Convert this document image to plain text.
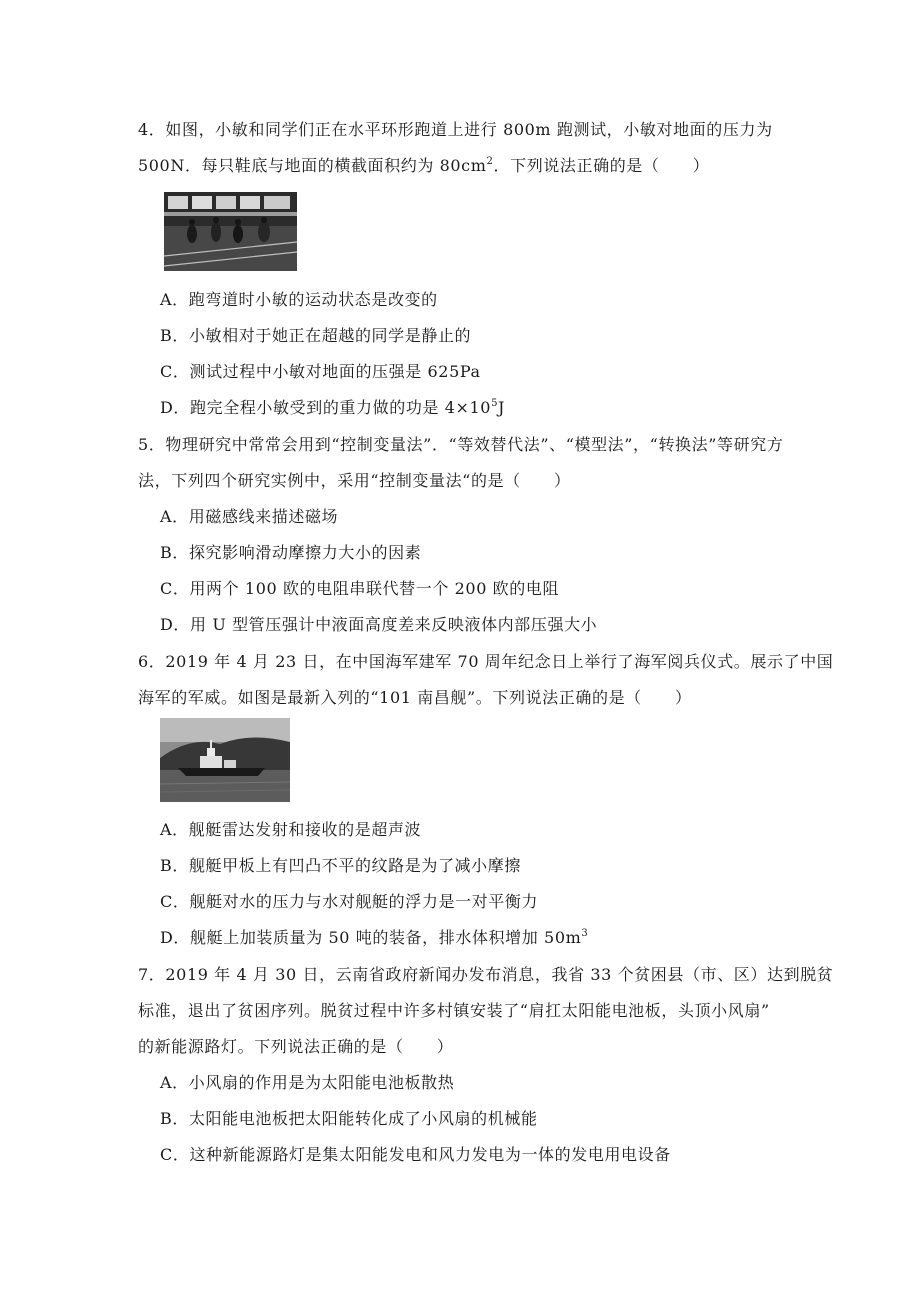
4．如图，小敏和同学们正在水平环形跑道上进行 800m 跑测试，小敏对地面的压力为
500N．每只鞋底与地面的横截面积约为 $80cm^2$．下列说法正确的是（　　）
A．跑弯道时小敏的运动状态是改变的
B．小敏相对于她正在超越的同学是静止的
C．测试过程中小敏对地面的压强是 625Pa
D．跑完全程小敏受到的重力做的功是 $4\times 10^5J$
5．物理研究中常常会用到“控制变量法”．“等效替代法”、“模型法”，“转换法”等研究方
法，下列四个研究实例中，采用“控制变量法“的是（　　）
A．用磁感线来描述磁场
B．探究影响滑动摩擦力大小的因素
C．用两个 100 欧的电阻串联代替一个 200 欧的电阻
D．用 U 型管压强计中液面高度差来反映液体内部压强大小
6．2019 年 4 月 23 日，在中国海军建军 70 周年纪念日上举行了海军阅兵仪式。展示了中国
海军的军威。如图是最新入列的“101 南昌舰”。下列说法正确的是（　　）
A．舰艇雷达发射和接收的是超声波
B．舰艇甲板上有凹凸不平的纹路是为了减小摩擦
C．舰艇对水的压力与水对舰艇的浮力是一对平衡力
D．舰艇上加装质量为 50 吨的装备，排水体积增加 $50m^3$
7．2019 年 4 月 30 日，云南省政府新闻办发布消息，我省 33 个贫困县（市、区）达到脱贫
标准，退出了贫困序列。脱贫过程中许多村镇安装了“肩扛太阳能电池板，头顶小风扇”
的新能源路灯。下列说法正确的是（　　）
A．小风扇的作用是为太阳能电池板散热
B．太阳能电池板把太阳能转化成了小风扇的机械能
C．这种新能源路灯是集太阳能发电和风力发电为一体的发电用电设备
